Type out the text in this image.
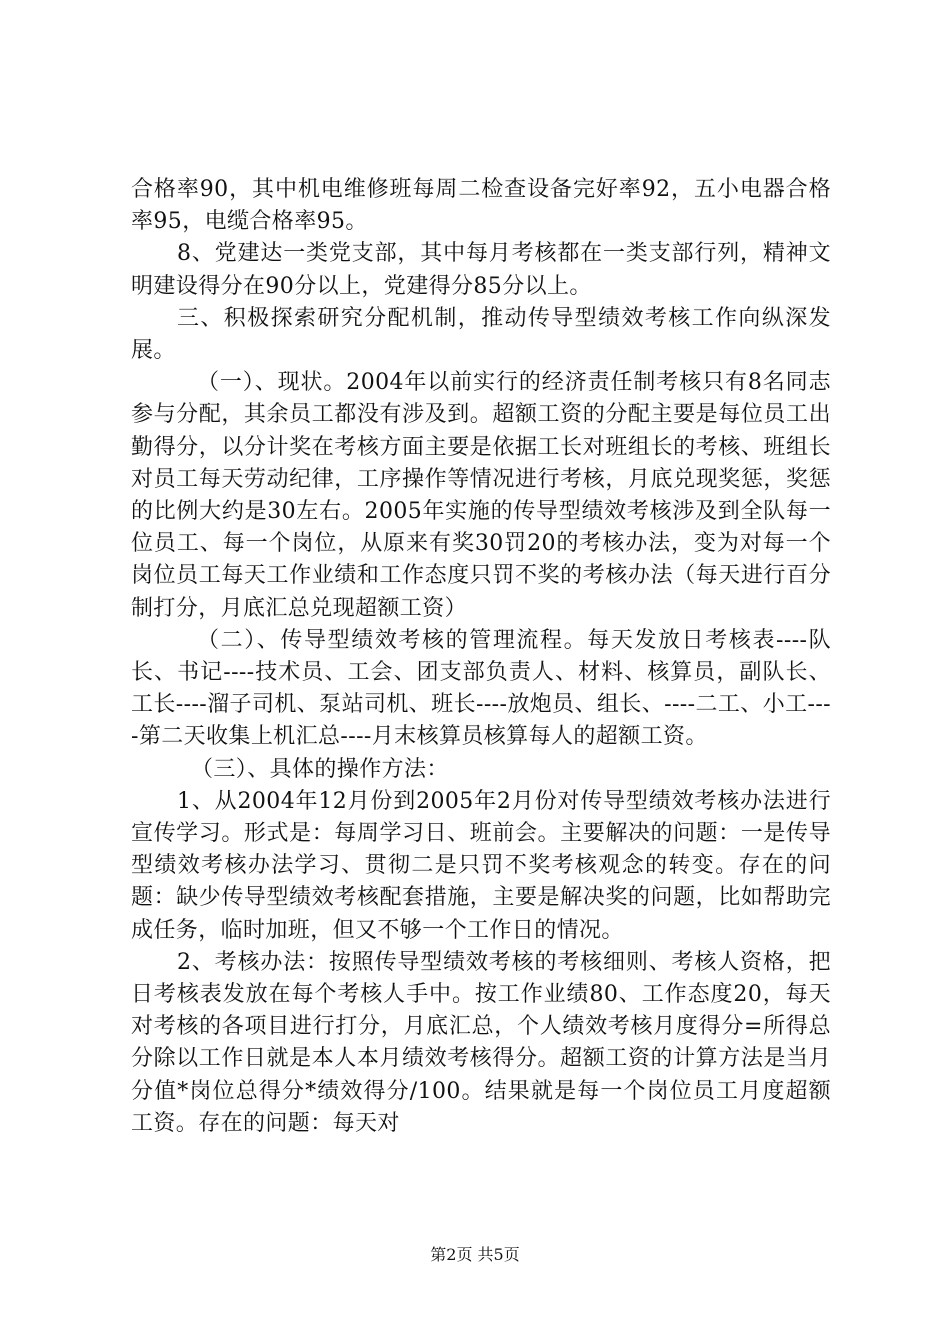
合格率90，其中机电维修班每周二检查设备完好率92，五小电器合格率95，电缆合格率95。

8、党建达一类党支部，其中每月考核都在一类支部行列，精神文明建设得分在90分以上，党建得分85分以上。

三、积极探索研究分配机制，推动传导型绩效考核工作向纵深发展。

（一）、现状。2004年以前实行的经济责任制考核只有8名同志参与分配，其余员工都没有涉及到。超额工资的分配主要是每位员工出勤得分，以分计奖在考核方面主要是依据工长对班组长的考核、班组长对员工每天劳动纪律，工序操作等情况进行考核，月底兑现奖惩，奖惩的比例大约是30左右。2005年实施的传导型绩效考核涉及到全队每一位员工、每一个岗位，从原来有奖30罚20的考核办法，变为对每一个岗位员工每天工作业绩和工作态度只罚不奖的考核办法（每天进行百分制打分，月底汇总兑现超额工资）

（二）、传导型绩效考核的管理流程。每天发放日考核表----队长、书记----技术员、工会、团支部负责人、材料、核算员，副队长、工长----溜子司机、泵站司机、班长----放炮员、组长、----二工、小工----第二天收集上机汇总----月末核算员核算每人的超额工资。

（三）、具体的操作方法：

1、从2004年12月份到2005年2月份对传导型绩效考核办法进行宣传学习。形式是：每周学习日、班前会。主要解决的问题：一是传导型绩效考核办法学习、贯彻二是只罚不奖考核观念的转变。存在的问题：缺少传导型绩效考核配套措施，主要是解决奖的问题，比如帮助完成任务，临时加班，但又不够一个工作日的情况。

2、考核办法：按照传导型绩效考核的考核细则、考核人资格，把日考核表发放在每个考核人手中。按工作业绩80、工作态度20，每天对考核的各项目进行打分，月底汇总，个人绩效考核月度得分=所得总分除以工作日就是本人本月绩效考核得分。超额工资的计算方法是当月分值*岗位总得分*绩效得分/100。结果就是每一个岗位员工月度超额工资。存在的问题：每天对

第2页 共5页
